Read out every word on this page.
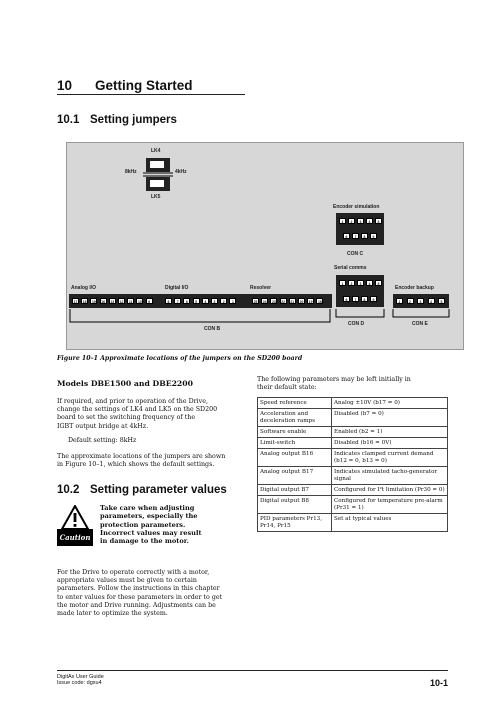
10 Getting Started
10.1 Setting jumpers
LK4
8kHz	4kHz
LK5
Encoder simulation
1	2	3	4	5
6	7	8	9
CON C
Serial comms
1	2	3	4	5
6	7	8	9
Encoder backup
1	2	3	4	5
Analog I/O	Digital I/O	Resolver
17	18	19	16	13	12	11	10	9	8	7	6	5	4	3	2	1	25	24	23	22	21	20	19	18
CON B
CON D	CON E
Figure 10–1 Approximate locations of the jumpers on the SD200 board
Models DBE1500 and DBE2200
If required, and prior to operation of the Drive,
change the settings of LK4 and LK5 on the SD200
board to set the switching frequency of the
IGBT output bridge at 4kHz.
Default setting: 8kHz
The approximate locations of the jumpers are shown
in Figure 10–1, which shows the default settings.
10.2 Setting parameter values
Caution
Take care when adjusting
parameters, especially the
protection parameters.
Incorrect values may result
in damage to the motor.
For the Drive to operate correctly with a motor,
appropriate values must be given to certain
parameters. Follow the instructions in this chapter
to enter values for these parameters in order to get
the motor and Drive running. Adjustments can be
made later to optimize the system.
The following parameters may be left initially in
their default state:
Speed reference	Analog ±10V (b17 = 0)
Acceleration and deceleration ramps	Disabled (b7 = 0)
Software enable	Enabled (b2 = 1)
Limit-switch	Disabled (b16 = 0V)
Analog output B16	Indicates clamped current demand (b12 = 0, b13 = 0)
Analog output B17	Indicates simulated tacho-generator signal
Digital output B7	Configured for I²t limitation (Pr30 = 0)
Digital output B8	Configured for temperature pre-alarm (Pr31 = 1)
PID parameters Pr13, Pr14, Pr15	Set at typical values
DigitAx User Guide
Issue code: dgxu4	10-1
